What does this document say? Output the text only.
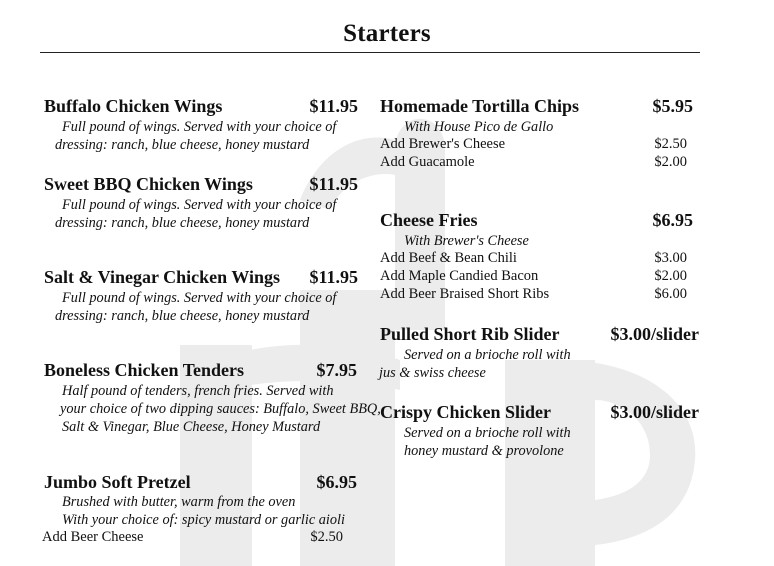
Starters
Buffalo Chicken Wings	$11.95
Full pound of wings. Served with your choice of
dressing: ranch, blue cheese, honey mustard
Sweet BBQ Chicken Wings	$11.95
Full pound of wings. Served with your choice of
dressing: ranch, blue cheese, honey mustard
Salt & Vinegar Chicken Wings	$11.95
Full pound of wings. Served with your choice of
dressing: ranch, blue cheese, honey mustard
Boneless Chicken Tenders	$7.95
Half pound of tenders, french fries. Served with
your choice of two dipping sauces: Buffalo, Sweet BBQ,
Salt & Vinegar, Blue Cheese, Honey Mustard
Jumbo Soft Pretzel	$6.95
Brushed with butter, warm from the oven
With your choice of: spicy mustard or garlic aioli
Add Beer Cheese	$2.50
Homemade Tortilla Chips	$5.95
With House Pico de Gallo
Add Brewer's Cheese	$2.50
Add Guacamole	$2.00
Cheese Fries	$6.95
With Brewer's Cheese
Add Beef & Bean Chili	$3.00
Add Maple Candied Bacon	$2.00
Add Beer Braised Short Ribs	$6.00
Pulled Short Rib Slider	$3.00/slider
Served on a brioche roll with
jus & swiss cheese
Crispy Chicken Slider	$3.00/slider
Served on a brioche roll with
honey mustard & provolone
